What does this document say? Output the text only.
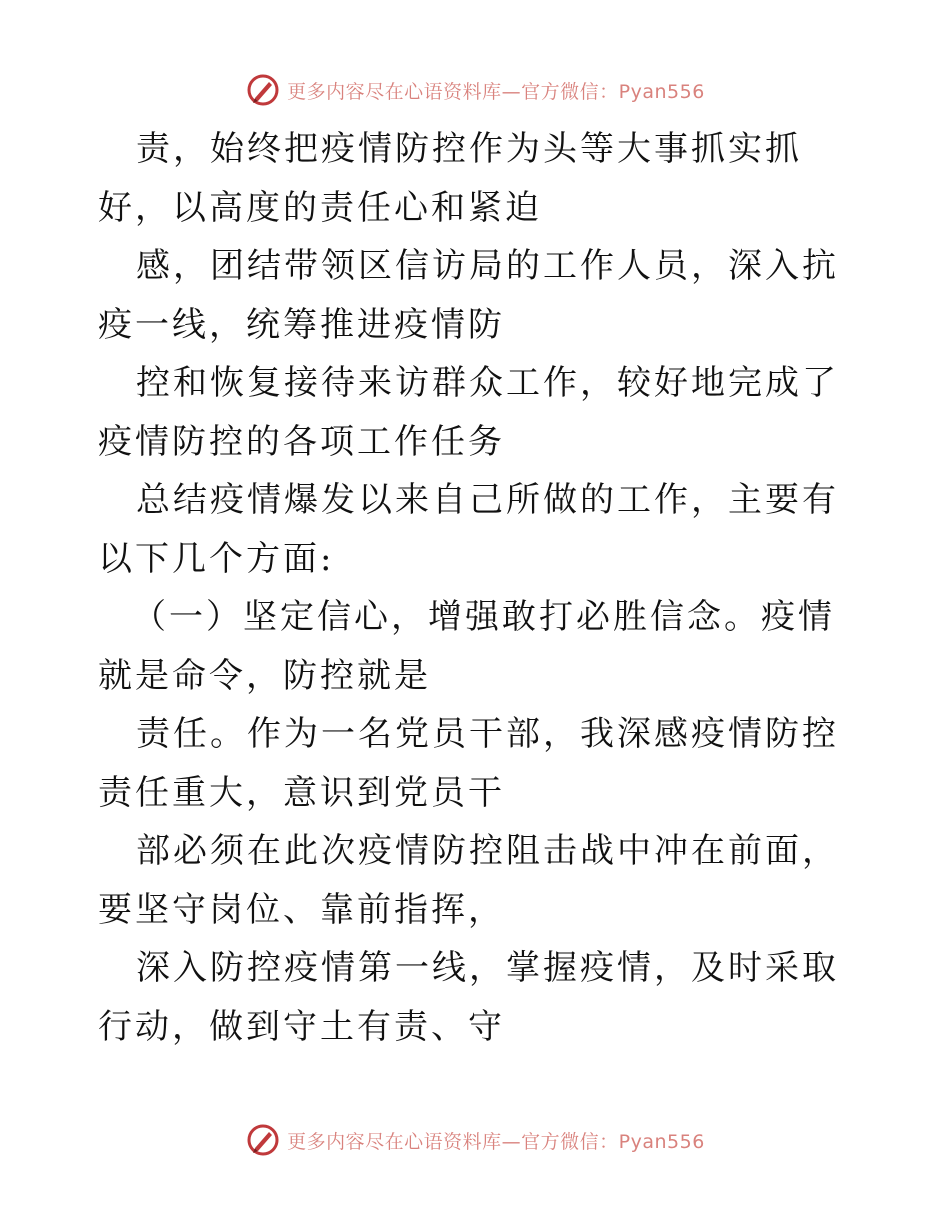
更多内容尽在心语资料库—官方微信：Pyan556

责，始终把疫情防控作为头等大事抓实抓好，以高度的责任心和紧迫

感，团结带领区信访局的工作人员，深入抗疫一线，统筹推进疫情防

控和恢复接待来访群众工作，较好地完成了疫情防控的各项工作任务

总结疫情爆发以来自己所做的工作，主要有以下几个方面:

（一）坚定信心，增强敢打必胜信念。疫情就是命令，防控就是

责任。作为一名党员干部，我深感疫情防控责任重大，意识到党员干

部必须在此次疫情防控阻击战中冲在前面，要坚守岗位、靠前指挥，

深入防控疫情第一线，掌握疫情，及时采取行动，做到守土有责、守

更多内容尽在心语资料库—官方微信：Pyan556
